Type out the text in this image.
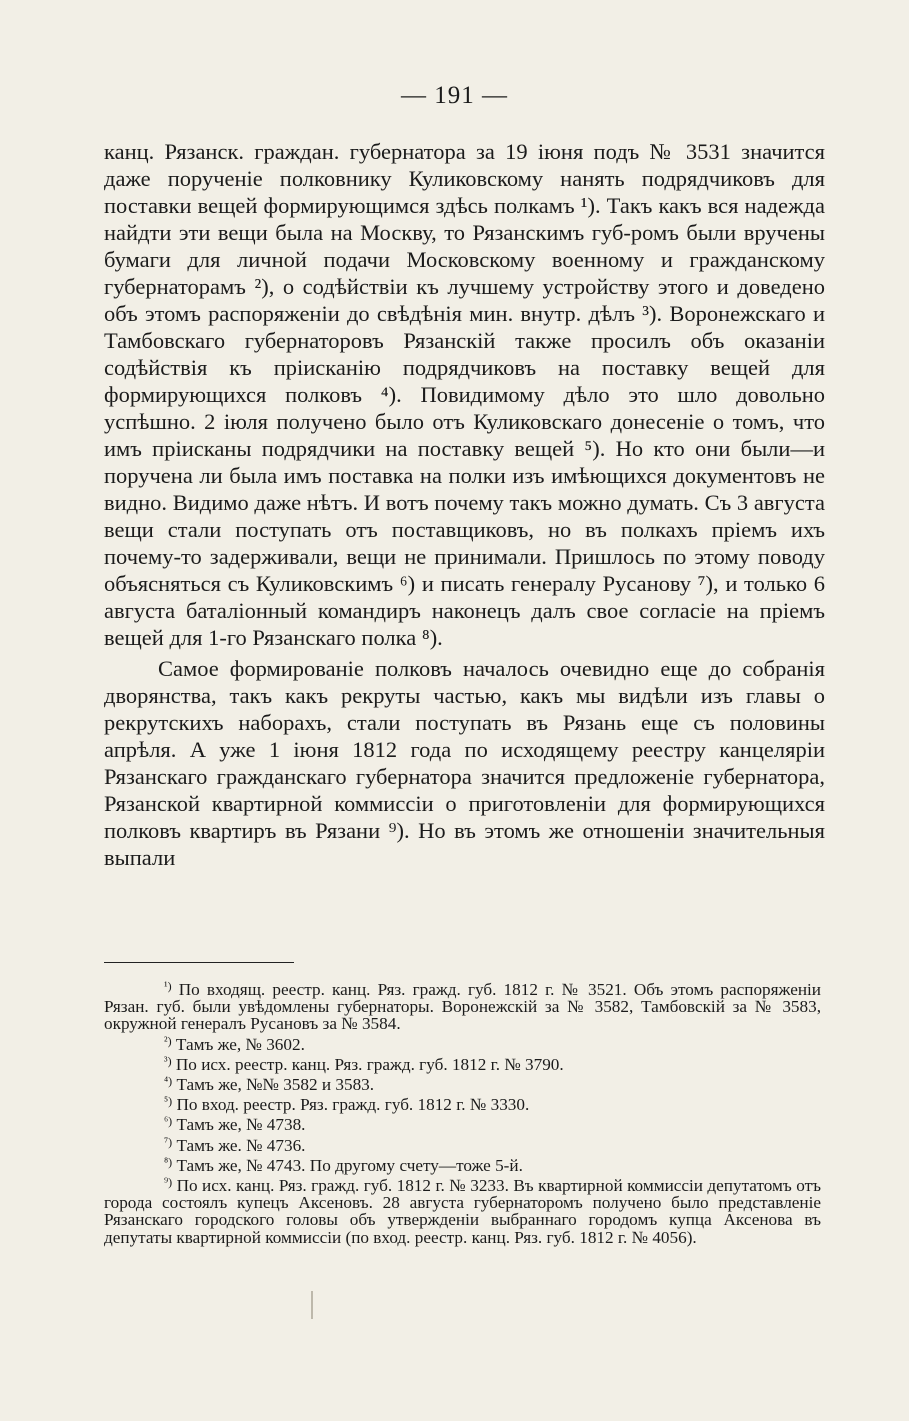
— 191 —

канц. Рязанск. граждан. губернатора за 19 іюня подъ № 3531 значится даже порученіе полковнику Куликовскому нанять подрядчиковъ для поставки вещей формирующимся здѣсь полкамъ ¹). Такъ какъ вся надежда найдти эти вещи была на Москву, то Рязанскимъ губ-ромъ были вручены бумаги для личной подачи Московскому военному и гражданскому губернаторамъ ²), о содѣйствіи къ лучшему устройству этого и доведено объ этомъ распоряженіи до свѣдѣнія мин. внутр. дѣлъ ³). Воронежскаго и Тамбовскаго губернаторовъ Рязанскій также просилъ объ оказаніи содѣйствія къ пріисканію подрядчиковъ на поставку вещей для формирующихся полковъ ⁴). Повидимому дѣло это шло довольно успѣшно. 2 іюля получено было отъ Куликовскаго донесеніе о томъ, что имъ пріисканы подрядчики на поставку вещей ⁵). Но кто они были—и поручена ли была имъ поставка на полки изъ имѣющихся документовъ не видно. Видимо даже нѣтъ. И вотъ почему такъ можно думать. Съ 3 августа вещи стали поступать отъ поставщиковъ, но въ полкахъ пріемъ ихъ почему-то задерживали, вещи не принимали. Пришлось по этому поводу объясняться съ Куликовскимъ ⁶) и писать генералу Русанову ⁷), и только 6 августа баталіонный командиръ наконецъ далъ свое согласіе на пріемъ вещей для 1-го Рязанскаго полка ⁸).

Самое формированіе полковъ началось очевидно еще до собранія дворянства, такъ какъ рекруты частью, какъ мы видѣли изъ главы о рекрутскихъ наборахъ, стали поступать въ Рязань еще съ половины апрѣля. А уже 1 іюня 1812 года по исходящему реестру канцеляріи Рязанскаго гражданскаго губернатора значится предложеніе губернатора, Рязанской квартирной коммиссіи о приготовленіи для формирующихся полковъ квартиръ въ Рязани ⁹). Но въ этомъ же отношеніи значительныя выпали

$^{^1)}$ По входящ. реестр. канц. Ряз. гражд. губ. 1812 г. № 3521. Объ этомъ распоряженіи Рязан. губ. были увѣдомлены губернаторы. Воронежскій за № 3582, Тамбовскій за № 3583, окружной генералъ Русановъ за № 3584.

$^{^2)}$ Тамъ же, № 3602.

$^{^3)}$ По исх. реестр. канц. Ряз. гражд. губ. 1812 г. № 3790.

$^{^4)}$ Тамъ же, №№ 3582 и 3583.

$^{^5)}$ По вход. реестр. Ряз. гражд. губ. 1812 г. № 3330.

$^{^6)}$ Тамъ же, № 4738.

$^{^7)}$ Тамъ же. № 4736.

$^{^8)}$ Тамъ же, № 4743. По другому счету—тоже 5-й.

$^{^9)}$ По исх. канц. Ряз. гражд. губ. 1812 г. № 3233. Въ квартирной коммиссіи депутатомъ отъ города состоялъ купецъ Аксеновъ. 28 августа губернаторомъ получено было представленіе Рязанскаго городского головы объ утвержденіи выбраннаго городомъ купца Аксенова въ депутаты квартирной коммиссіи (по вход. реестр. канц. Ряз. губ. 1812 г. № 4056).
